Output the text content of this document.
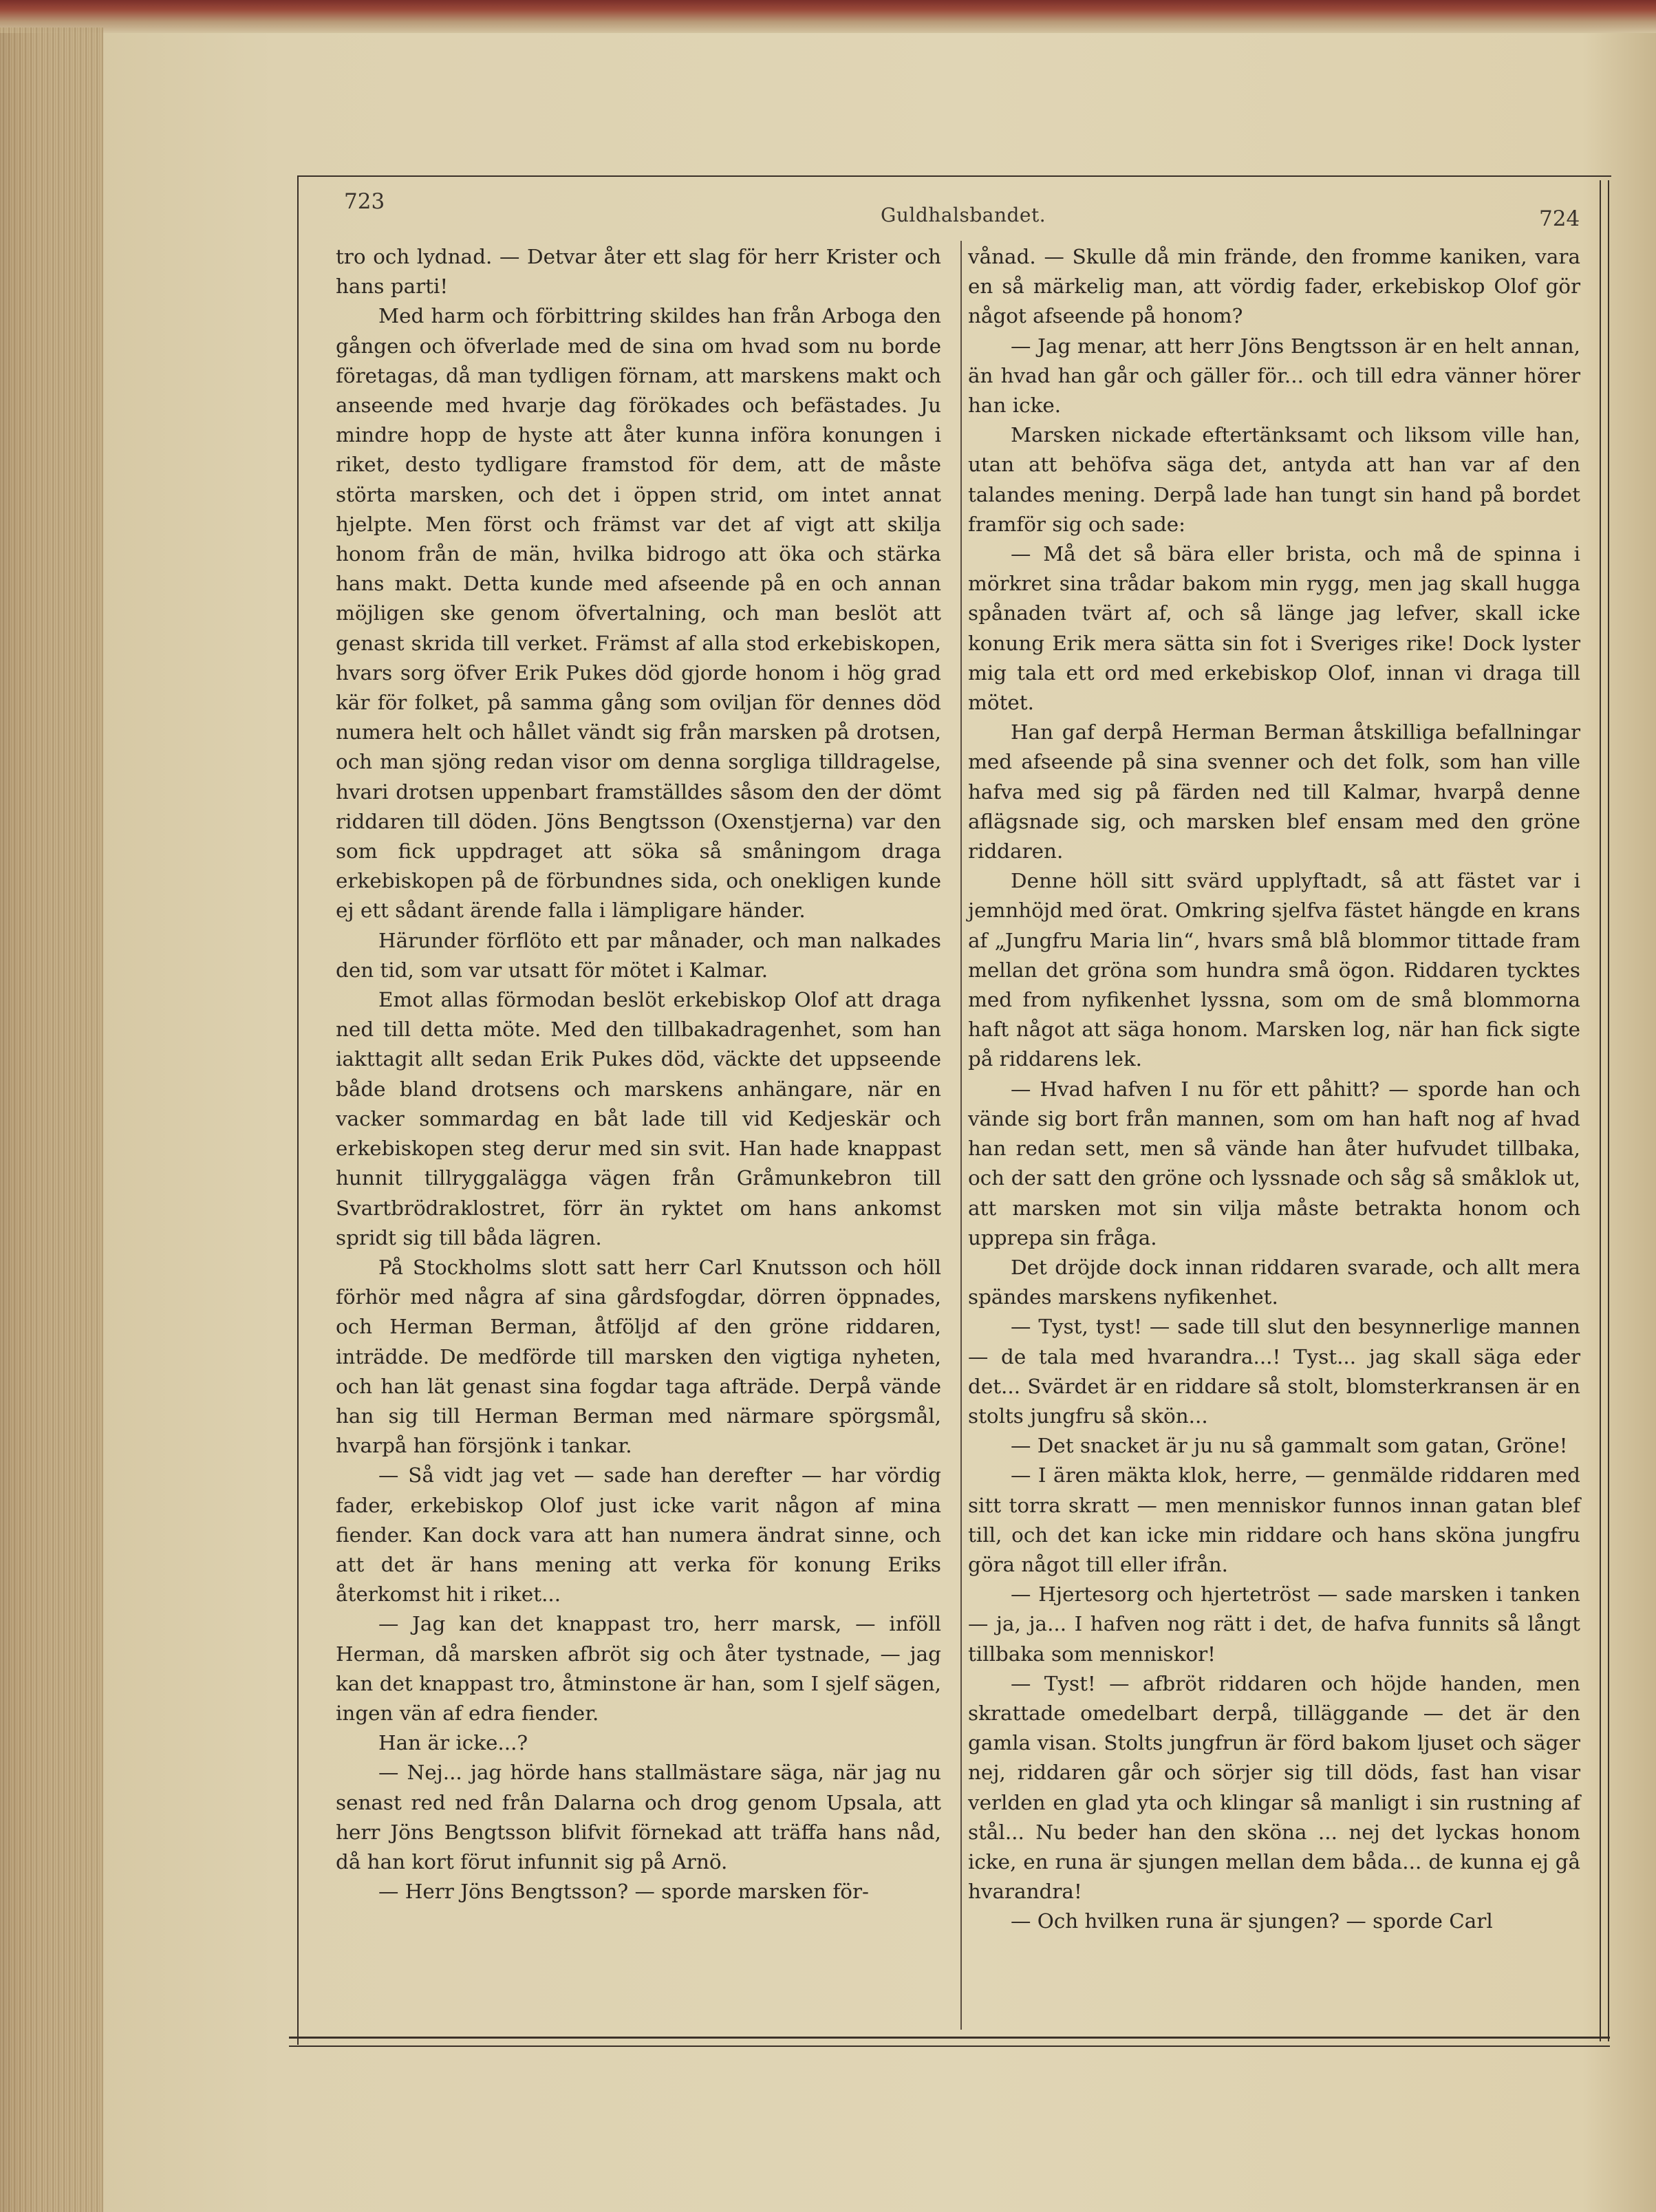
723
Guldhalsbandet.	724

tro och lydnad. — Detvar åter ett slag för herr Krister och hans parti!

Med harm och förbittring skildes han från Arboga den gången och öfverlade med de sina om hvad som nu borde företagas, då man tydligen förnam, att marskens makt och anseende med hvarje dag förökades och befästades. Ju mindre hopp de hyste att åter kunna införa konungen i riket, desto tydligare framstod för dem, att de måste störta marsken, och det i öppen strid, om intet annat hjelpte. Men först och främst var det af vigt att skilja honom från de män, hvilka bidrogo att öka och stärka hans makt. Detta kunde med afseende på en och annan möjligen ske genom öfvertalning, och man beslöt att genast skrida till verket. Främst af alla stod erkebiskopen, hvars sorg öfver Erik Pukes död gjorde honom i hög grad kär för folket, på samma gång som oviljan för dennes död numera helt och hållet vändt sig från marsken på drotsen, och man sjöng redan visor om denna sorgliga tilldragelse, hvari drotsen uppenbart framställdes såsom den der dömt riddaren till döden. Jöns Bengtsson (Oxenstjerna) var den som fick uppdraget att söka så småningom draga erkebiskopen på de förbundnes sida, och onekligen kunde ej ett sådant ärende falla i lämpligare händer.

Härunder förflöto ett par månader, och man nalkades den tid, som var utsatt för mötet i Kalmar.

Emot allas förmodan beslöt erkebiskop Olof att draga ned till detta möte. Med den tillbakadragenhet, som han iakttagit allt sedan Erik Pukes död, väckte det uppseende både bland drotsens och marskens anhängare, när en vacker sommardag en båt lade till vid Kedjeskär och erkebiskopen steg derur med sin svit. Han hade knappast hunnit tillryggalägga vägen från Gråmunkebron till Svartbrödraklostret, förr än ryktet om hans ankomst spridt sig till båda lägren.

På Stockholms slott satt herr Carl Knutsson och höll förhör med några af sina gårdsfogdar, dörren öppnades, och Herman Berman, åtföljd af den gröne riddaren, inträdde. De medförde till marsken den vigtiga nyheten, och han lät genast sina fogdar taga afträde. Derpå vände han sig till Herman Berman med närmare spörgsmål, hvarpå han försjönk i tankar.

— Så vidt jag vet — sade han derefter — har vördig fader, erkebiskop Olof just icke varit någon af mina fiender. Kan dock vara att han numera ändrat sinne, och att det är hans mening att verka för konung Eriks återkomst hit i riket...

— Jag kan det knappast tro, herr marsk, — inföll Herman, då marsken afbröt sig och åter tystnade, — jag kan det knappast tro, åtminstone är han, som I sjelf sägen, ingen vän af edra fiender.

Han är icke...?

— Nej... jag hörde hans stallmästare säga, när jag nu senast red ned från Dalarna och drog genom Upsala, att herr Jöns Bengtsson blifvit förnekad att träffa hans nåd, då han kort förut infunnit sig på Arnö.

— Herr Jöns Bengtsson? — sporde marsken för-

vånad. — Skulle då min frände, den fromme kaniken, vara en så märkelig man, att vördig fader, erkebiskop Olof gör något afseende på honom?

— Jag menar, att herr Jöns Bengtsson är en helt annan, än hvad han går och gäller för... och till edra vänner hörer han icke.

Marsken nickade eftertänksamt och liksom ville han, utan att behöfva säga det, antyda att han var af den talandes mening. Derpå lade han tungt sin hand på bordet framför sig och sade:

— Må det så bära eller brista, och må de spinna i mörkret sina trådar bakom min rygg, men jag skall hugga spånaden tvärt af, och så länge jag lefver, skall icke konung Erik mera sätta sin fot i Sveriges rike! Dock lyster mig tala ett ord med erkebiskop Olof, innan vi draga till mötet.

Han gaf derpå Herman Berman åtskilliga befallningar med afseende på sina svenner och det folk, som han ville hafva med sig på färden ned till Kalmar, hvarpå denne aflägsnade sig, och marsken blef ensam med den gröne riddaren.

Denne höll sitt svärd upplyftadt, så att fästet var i jemnhöjd med örat. Omkring sjelfva fästet hängde en krans af „Jungfru Maria lin“, hvars små blå blommor tittade fram mellan det gröna som hundra små ögon. Riddaren tycktes med from nyfikenhet lyssna, som om de små blommorna haft något att säga honom. Marsken log, när han fick sigte på riddarens lek.

— Hvad hafven I nu för ett påhitt? — sporde han och vände sig bort från mannen, som om han haft nog af hvad han redan sett, men så vände han åter hufvudet tillbaka, och der satt den gröne och lyssnade och såg så småklok ut, att marsken mot sin vilja måste betrakta honom och upprepa sin fråga.

Det dröjde dock innan riddaren svarade, och allt mera spändes marskens nyfikenhet.

— Tyst, tyst! — sade till slut den besynnerlige mannen — de tala med hvarandra...! Tyst... jag skall säga eder det... Svärdet är en riddare så stolt, blomsterkransen är en stolts jungfru så skön...

— Det snacket är ju nu så gammalt som gatan, Gröne!

— I ären mäkta klok, herre, — genmälde riddaren med sitt torra skratt — men menniskor funnos innan gatan blef till, och det kan icke min riddare och hans sköna jungfru göra något till eller ifrån.

— Hjertesorg och hjertetröst — sade marsken i tanken — ja, ja... I hafven nog rätt i det, de hafva funnits så långt tillbaka som menniskor!

— Tyst! — afbröt riddaren och höjde handen, men skrattade omedelbart derpå, tilläggande — det är den gamla visan. Stolts jungfrun är förd bakom ljuset och säger nej, riddaren går och sörjer sig till döds, fast han visar verlden en glad yta och klingar så manligt i sin rustning af stål... Nu beder han den sköna ... nej det lyckas honom icke, en runa är sjungen mellan dem båda... de kunna ej gå hvarandra!

— Och hvilken runa är sjungen? — sporde Carl
